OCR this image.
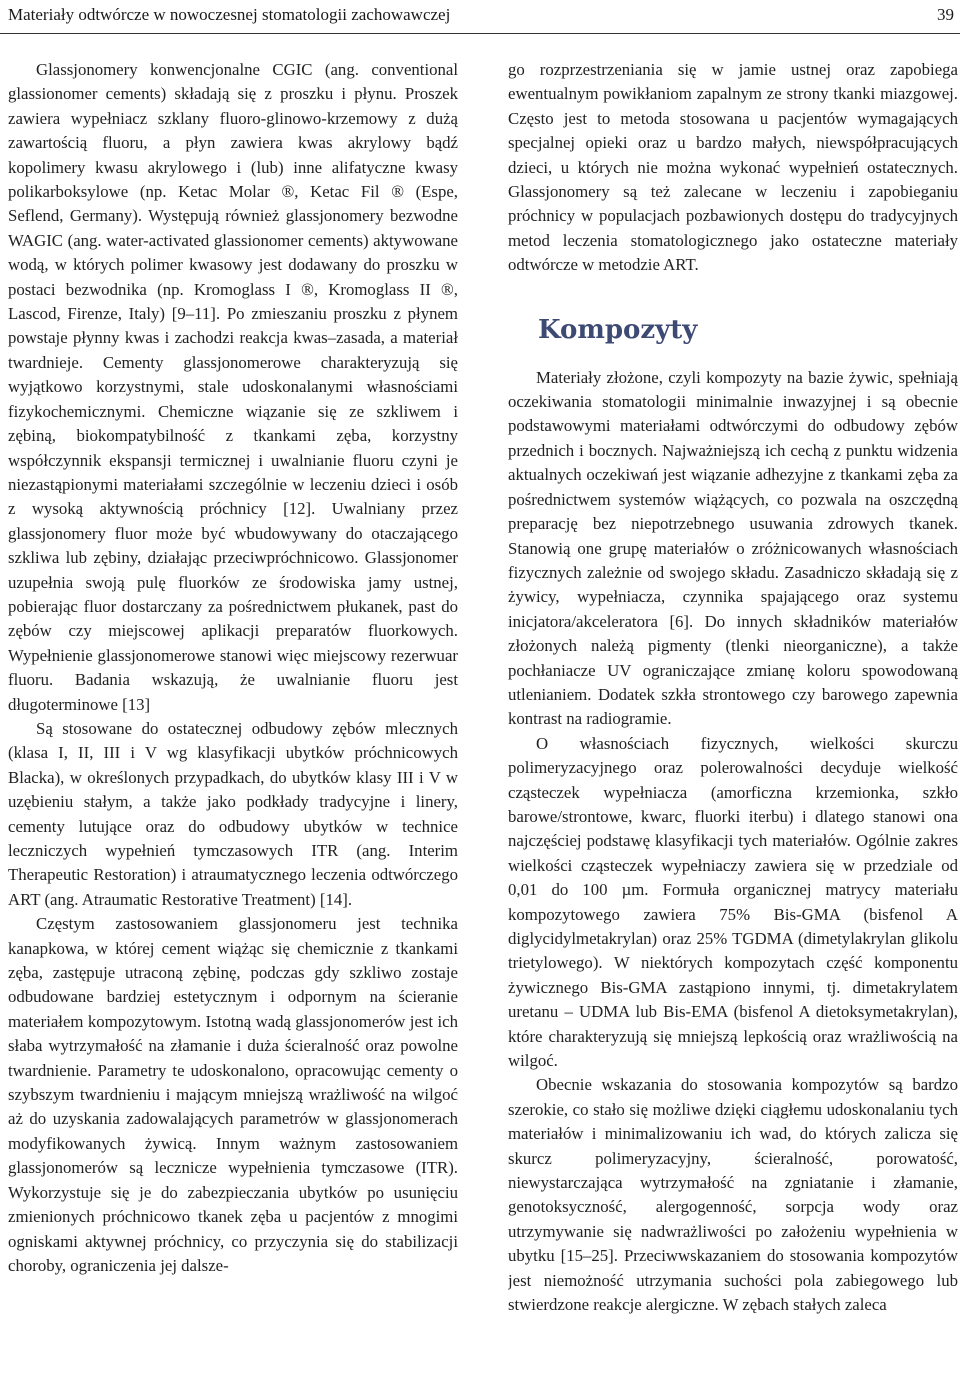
Materiały odtwórcze w nowoczesnej stomatologii zachowawczej	39

Glassjonomery konwencjonalne CGIC (ang. conventional glassionomer cements) składają się z proszku i płynu. Proszek zawiera wypełniacz szklany fluoro-glinowo-krzemowy z dużą zawartością fluoru, a płyn zawiera kwas akrylowy bądź kopolimery kwasu akrylowego i (lub) inne alifatyczne kwasy polikarboksylowe (np. Ketac Molar ®, Ketac Fil ® (Espe, Seflend, Germany). Występują również glassjonomery bezwodne WAGIC (ang. water-activated glassionomer cements) aktywowane wodą, w których polimer kwasowy jest dodawany do proszku w postaci bezwodnika (np. Kromoglass I ®, Kromoglass II ®, Lascod, Firenze, Italy) [9–11]. Po zmieszaniu proszku z płynem powstaje płynny kwas i zachodzi reakcja kwas–zasada, a materiał twardnieje. Cementy glassjonomerowe charakteryzują się wyjątkowo korzystnymi, stale udoskonalanymi własnościami fizykochemicznymi. Chemiczne wiązanie się ze szkliwem i zębiną, biokompatybilność z tkankami zęba, korzystny współczynnik ekspansji termicznej i uwalnianie fluoru czyni je niezastąpionymi materiałami szczególnie w leczeniu dzieci i osób z wysoką aktywnością próchnicy [12]. Uwalniany przez glassjonomery fluor może być wbudowywany do otaczającego szkliwa lub zębiny, działając przeciwpróchnicowo. Glassjonomer uzupełnia swoją pulę fluorków ze środowiska jamy ustnej, pobierając fluor dostarczany za pośrednictwem płukanek, past do zębów czy miejscowej aplikacji preparatów fluorkowych. Wypełnienie glassjonomerowe stanowi więc miejscowy rezerwuar fluoru. Badania wskazują, że uwalnianie fluoru jest długoterminowe [13]

Są stosowane do ostatecznej odbudowy zębów mlecznych (klasa I, II, III i V wg klasyfikacji ubytków próchnicowych Blacka), w określonych przypadkach, do ubytków klasy III i V w uzębieniu stałym, a także jako podkłady tradycyjne i linery, cementy lutujące oraz do odbudowy ubytków w technice leczniczych wypełnień tymczasowych ITR (ang. Interim Therapeutic Restoration) i atraumatycznego leczenia odtwórczego ART (ang. Atraumatic Restorative Treatment) [14].

Częstym zastosowaniem glassjonomeru jest technika kanapkowa, w której cement wiążąc się chemicznie z tkankami zęba, zastępuje utraconą zębinę, podczas gdy szkliwo zostaje odbudowane bardziej estetycznym i odpornym na ścieranie materiałem kompozytowym. Istotną wadą glassjonomerów jest ich słaba wytrzymałość na złamanie i duża ścieralność oraz powolne twardnienie. Parametry te udoskonalono, opracowując cementy o szybszym twardnieniu i mającym mniejszą wrażliwość na wilgoć aż do uzyskania zadowalających parametrów w glassjonomerach modyfikowanych żywicą. Innym ważnym zastosowaniem glassjonomerów są lecznicze wypełnienia tymczasowe (ITR). Wykorzystuje się je do zabezpieczania ubytków po usunięciu zmienionych próchnicowo tkanek zęba u pacjentów z mnogimi ogniskami aktywnej próchnicy, co przyczynia się do stabilizacji choroby, ograniczenia jej dalsze-

go rozprzestrzeniania się w jamie ustnej oraz zapobiega ewentualnym powikłaniom zapalnym ze strony tkanki miazgowej. Często jest to metoda stosowana u pacjentów wymagających specjalnej opieki oraz u bardzo małych, niewspółpracujących dzieci, u których nie można wykonać wypełnień ostatecznych. Glassjonomery są też zalecane w leczeniu i zapobieganiu próchnicy w populacjach pozbawionych dostępu do tradycyjnych metod leczenia stomatologicznego jako ostateczne materiały odtwórcze w metodzie ART.

Kompozyty

Materiały złożone, czyli kompozyty na bazie żywic, spełniają oczekiwania stomatologii minimalnie inwazyjnej i są obecnie podstawowymi materiałami odtwórczymi do odbudowy zębów przednich i bocznych. Najważniejszą ich cechą z punktu widzenia aktualnych oczekiwań jest wiązanie adhezyjne z tkankami zęba za pośrednictwem systemów wiążących, co pozwala na oszczędną preparację bez niepotrzebnego usuwania zdrowych tkanek. Stanowią one grupę materiałów o zróżnicowanych własnościach fizycznych zależnie od swojego składu. Zasadniczo składają się z żywicy, wypełniacza, czynnika spajającego oraz systemu inicjatora/akceleratora [6]. Do innych składników materiałów złożonych należą pigmenty (tlenki nieorganiczne), a także pochłaniacze UV ograniczające zmianę koloru spowodowaną utlenianiem. Dodatek szkła strontowego czy barowego zapewnia kontrast na radiogramie.

O własnościach fizycznych, wielkości skurczu polimeryzacyjnego oraz polerowalności decyduje wielkość cząsteczek wypełniacza (amorficzna krzemionka, szkło barowe/strontowe, kwarc, fluorki iterbu) i dlatego stanowi ona najczęściej podstawę klasyfikacji tych materiałów. Ogólnie zakres wielkości cząsteczek wypełniaczy zawiera się w przedziale od 0,01 do 100 µm. Formuła organicznej matrycy materiału kompozytowego zawiera 75% Bis-GMA (bisfenol A diglycidylmetakrylan) oraz 25% TGDMA (dimetylakrylan glikolu trietylowego). W niektórych kompozytach część komponentu żywicznego Bis-GMA zastąpiono innymi, tj. dimetakrylatem uretanu – UDMA lub Bis-EMA (bisfenol A dietoksymetakrylan), które charakteryzują się mniejszą lepkością oraz wrażliwością na wilgoć.

Obecnie wskazania do stosowania kompozytów są bardzo szerokie, co stało się możliwe dzięki ciągłemu udoskonalaniu tych materiałów i minimalizowaniu ich wad, do których zalicza się skurcz polimeryzacyjny, ścieralność, porowatość, niewystarczająca wytrzymałość na zgniatanie i złamanie, genotoksyczność, alergogenność, sorpcja wody oraz utrzymywanie się nadwrażliwości po założeniu wypełnienia w ubytku [15–25]. Przeciwwskazaniem do stosowania kompozytów jest niemożność utrzymania suchości pola zabiegowego lub stwierdzone reakcje alergiczne. W zębach stałych zaleca
